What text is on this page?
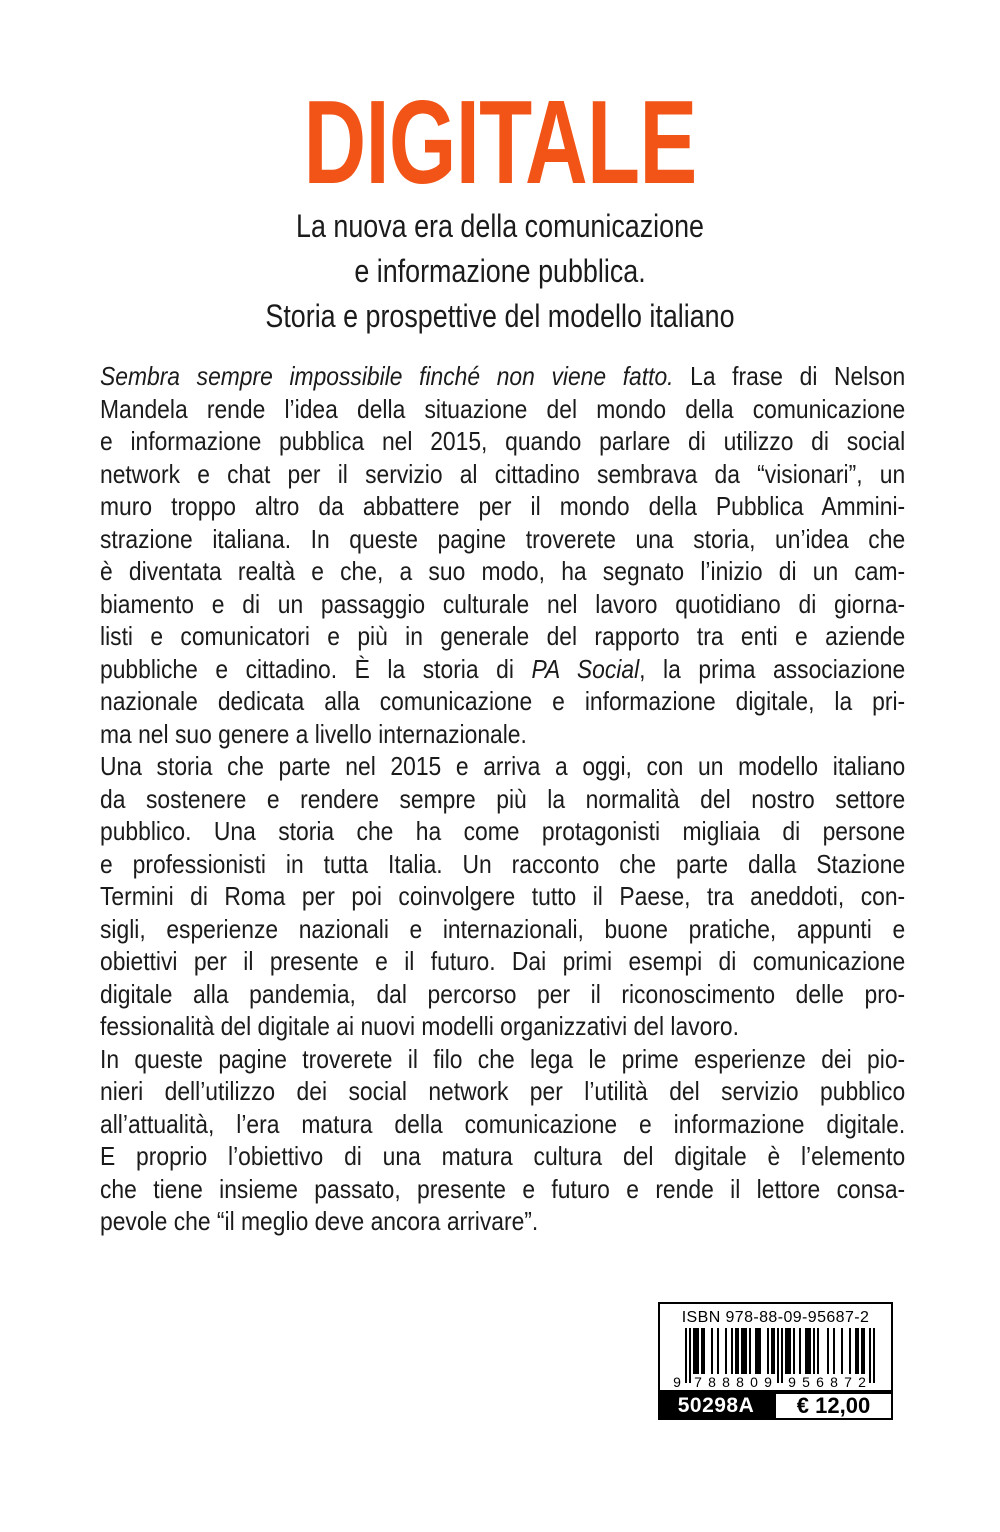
DIGITALE
La nuova era della comunicazione
e informazione pubblica.
Storia e prospettive del modello italiano
Sembra sempre impossibile finché non viene fatto. La frase di Nelson
Mandela rende l’idea della situazione del mondo della comunicazione
e informazione pubblica nel 2015, quando parlare di utilizzo di social
network e chat per il servizio al cittadino sembrava da “visionari”, un
muro troppo altro da abbattere per il mondo della Pubblica Ammini-
strazione italiana. In queste pagine troverete una storia, un’idea che
è diventata realtà e che, a suo modo, ha segnato l’inizio di un cam-
biamento e di un passaggio culturale nel lavoro quotidiano di giorna-
listi e comunicatori e più in generale del rapporto tra enti e aziende
pubbliche e cittadino. È la storia di PA Social, la prima associazione
nazionale dedicata alla comunicazione e informazione digitale, la pri-
ma nel suo genere a livello internazionale.
Una storia che parte nel 2015 e arriva a oggi, con un modello italiano
da sostenere e rendere sempre più la normalità del nostro settore
pubblico. Una storia che ha come protagonisti migliaia di persone
e professionisti in tutta Italia. Un racconto che parte dalla Stazione
Termini di Roma per poi coinvolgere tutto il Paese, tra aneddoti, con-
sigli, esperienze nazionali e internazionali, buone pratiche, appunti e
obiettivi per il presente e il futuro. Dai primi esempi di comunicazione
digitale alla pandemia, dal percorso per il riconoscimento delle pro-
fessionalità del digitale ai nuovi modelli organizzativi del lavoro.
In queste pagine troverete il filo che lega le prime esperienze dei pio-
nieri dell’utilizzo dei social network per l’utilità del servizio pubblico
all’attualità, l’era matura della comunicazione e informazione digitale.
E proprio l’obiettivo di una matura cultura del digitale è l’elemento
che tiene insieme passato, presente e futuro e rende il lettore consa-
pevole che “il meglio deve ancora arrivare”.
ISBN 978-88-09-95687-2
9 7	9
8	5
8	6
8	8
0	7
9	2
50298A	€ 12,00
